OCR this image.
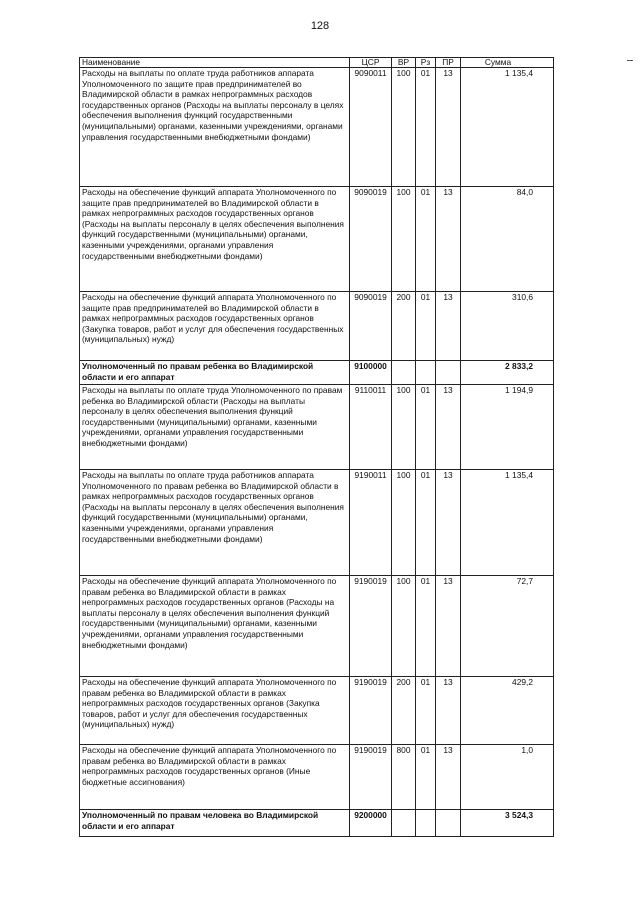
128
Наименование	ЦСР	ВР	Рз	ПР	Сумма
Расходы на выплаты по оплате труда работников аппарата Уполномоченного по защите прав предпринимателей во Владимирской области в рамках непрограммных расходов государственных органов (Расходы на выплаты персоналу в целях обеспечения выполнения функций государственными (муниципальными) органами, казенными учреждениями, органами управления государственными внебюджетными фондами)	9090011	100	01	13	1 135,4
Расходы на обеспечение функций аппарата Уполномоченного по защите прав предпринимателей во Владимирской области в рамках непрограммных расходов государственных органов (Расходы на выплаты персоналу в целях обеспечения выполнения функций государственными (муниципальными) органами, казенными учреждениями, органами управления государственными внебюджетными фондами)	9090019	100	01	13	84,0
Расходы на обеспечение функций аппарата Уполномоченного по защите прав предпринимателей во Владимирской области в рамках непрограммных расходов государственных органов (Закупка товаров, работ и услуг для обеспечения государственных (муниципальных) нужд)	9090019	200	01	13	310,6
Уполномоченный по правам ребенка во Владимирской области и его аппарат	9100000				2 833,2
Расходы на выплаты по оплате труда Уполномоченного по правам ребенка во Владимирской области (Расходы на выплаты персоналу в целях обеспечения выполнения функций государственными (муниципальными) органами, казенными учреждениями, органами управления государственными внебюджетными фондами)	9110011	100	01	13	1 194,9
Расходы на выплаты по оплате труда работников аппарата Уполномоченного по правам ребенка во Владимирской области в рамках непрограммных расходов государственных органов (Расходы на выплаты персоналу в целях обеспечения выполнения функций государственными (муниципальными) органами, казенными учреждениями, органами управления государственными внебюджетными фондами)	9190011	100	01	13	1 135,4
Расходы на обеспечение функций аппарата Уполномоченного по правам ребенка во Владимирской области в рамках непрограммных расходов государственных органов (Расходы на выплаты персоналу в целях обеспечения выполнения функций государственными (муниципальными) органами, казенными учреждениями, органами управления государственными внебюджетными фондами)	9190019	100	01	13	72,7
Расходы на обеспечение функций аппарата Уполномоченного по правам ребенка во Владимирской области в рамках непрограммных расходов государственных органов (Закупка товаров, работ и услуг для обеспечения государственных (муниципальных) нужд)	9190019	200	01	13	429,2
Расходы на обеспечение функций аппарата Уполномоченного по правам ребенка во Владимирской области в рамках непрограммных расходов государственных органов (Иные бюджетные ассигнования)	9190019	800	01	13	1,0
Уполномоченный по правам человека во Владимирской области и его аппарат	9200000				3 524,3
